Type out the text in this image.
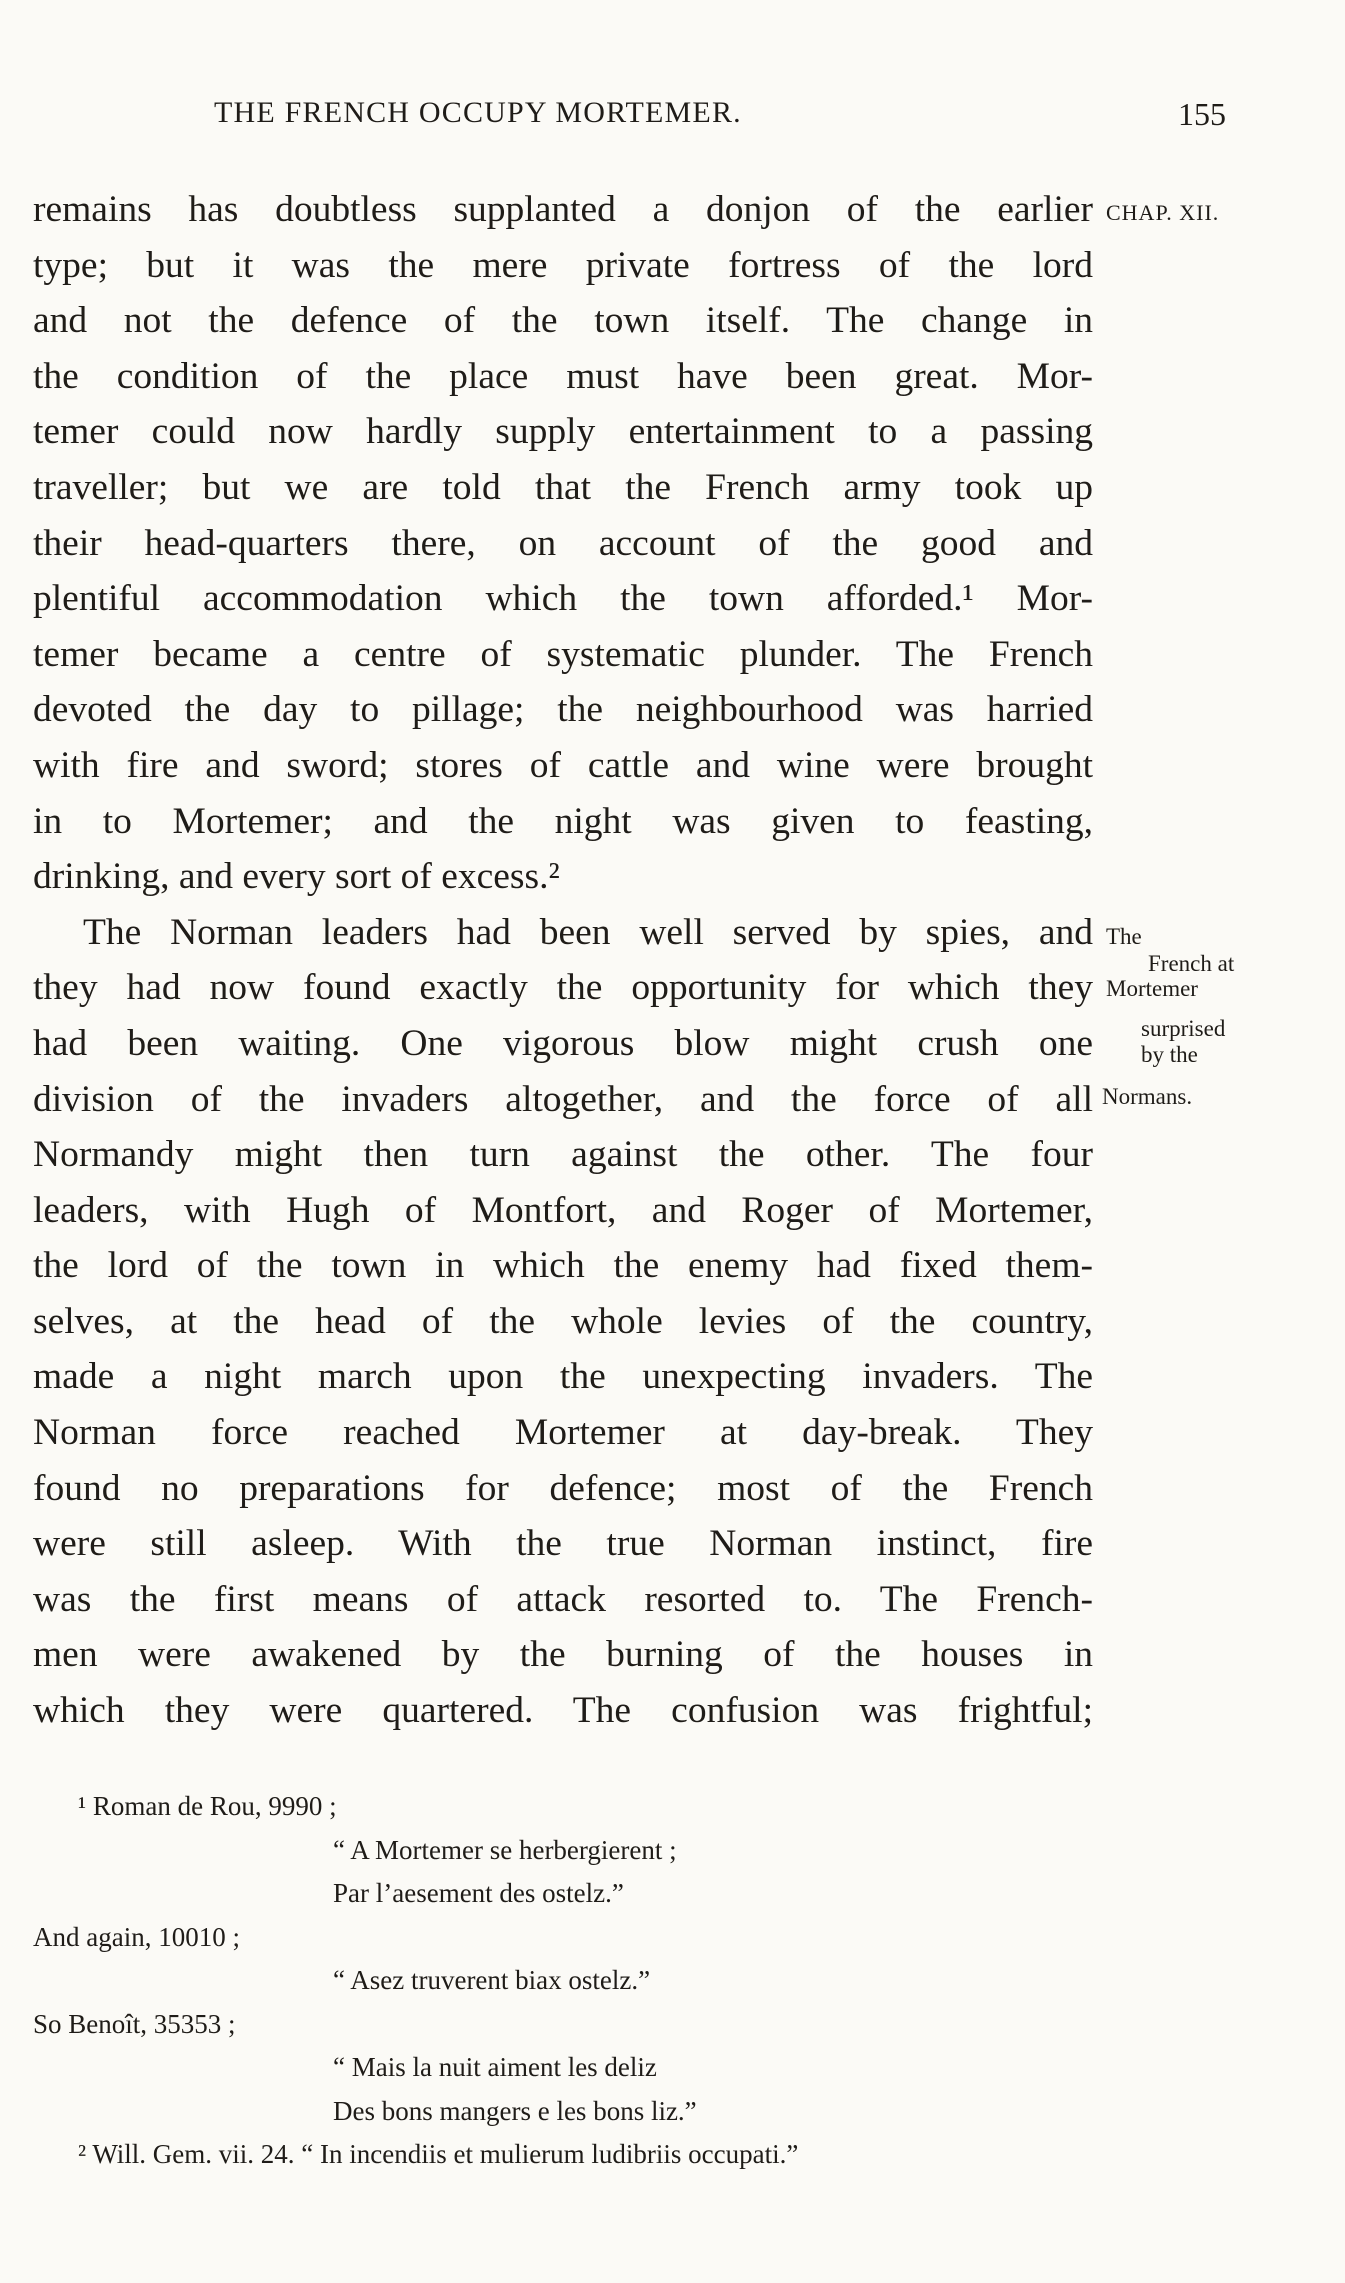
THE FRENCH OCCUPY MORTEMER.	155
CHAP. XII.
The
French at
Mortemer
surprised
by the
Normans.
remains has doubtless supplanted a donjon of the earlier
type; but it was the mere private fortress of the lord
and not the defence of the town itself. The change in
the condition of the place must have been great. Mor-
temer could now hardly supply entertainment to a passing
traveller; but we are told that the French army took up
their head-quarters there, on account of the good and
plentiful accommodation which the town afforded.¹ Mor-
temer became a centre of systematic plunder. The French
devoted the day to pillage; the neighbourhood was harried
with fire and sword; stores of cattle and wine were brought
in to Mortemer; and the night was given to feasting,
drinking, and every sort of excess.²
The Norman leaders had been well served by spies, and
they had now found exactly the opportunity for which they
had been waiting. One vigorous blow might crush one
division of the invaders altogether, and the force of all
Normandy might then turn against the other. The four
leaders, with Hugh of Montfort, and Roger of Mortemer,
the lord of the town in which the enemy had fixed them-
selves, at the head of the whole levies of the country,
made a night march upon the unexpecting invaders. The
Norman force reached Mortemer at day-break. They
found no preparations for defence; most of the French
were still asleep. With the true Norman instinct, fire
was the first means of attack resorted to. The French-
men were awakened by the burning of the houses in
which they were quartered. The confusion was frightful;
¹ Roman de Rou, 9990 ;
“ A Mortemer se herbergierent ;
Par l’aesement des ostelz.”
And again, 10010 ;
“ Asez truverent biax ostelz.”
So Benoît, 35353 ;
“ Mais la nuit aiment les deliz
Des bons mangers e les bons liz.”
² Will. Gem. vii. 24. “ In incendiis et mulierum ludibriis occupati.”
